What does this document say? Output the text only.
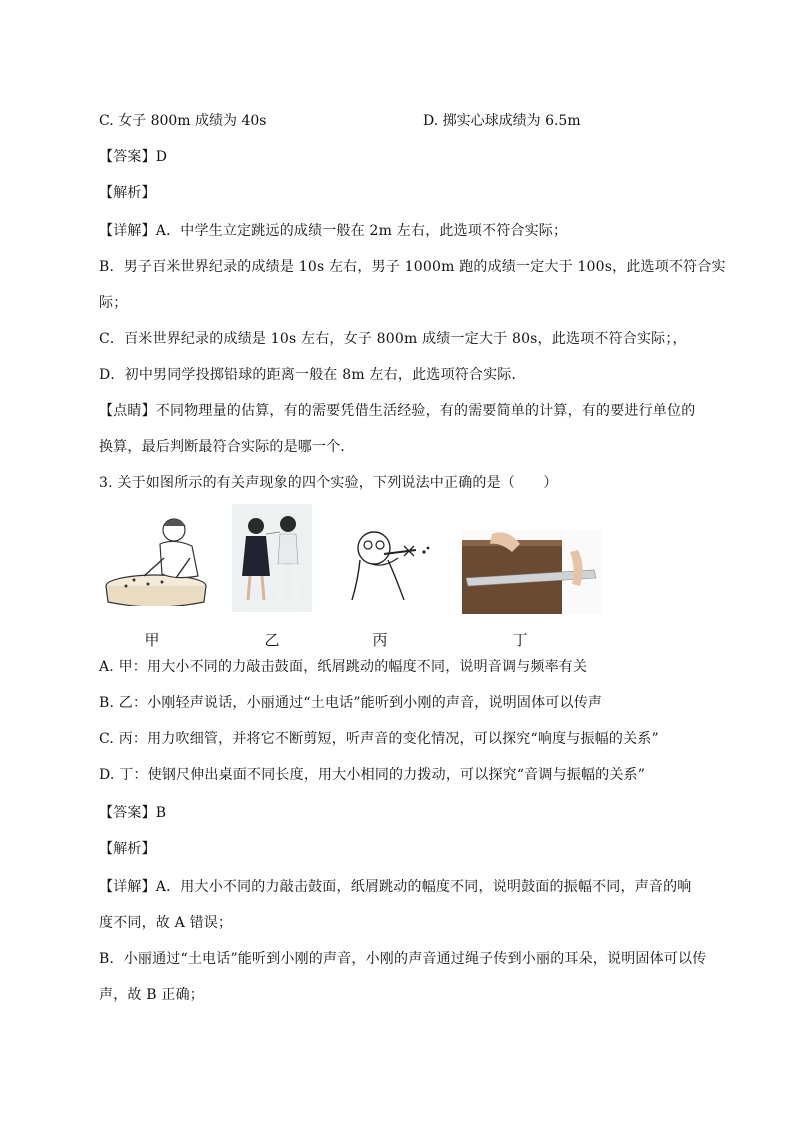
C. 女子 800m 成绩为 40s	D. 掷实心球成绩为 6.5m
【答案】D
【解析】
【详解】A．中学生立定跳远的成绩一般在 2m 左右，此选项不符合实际；
B．男子百米世界纪录的成绩是 10s 左右，男子 1000m 跑的成绩一定大于 100s，此选项不符合实
际；
C．百米世界纪录的成绩是 10s 左右，女子 800m 成绩一定大于 80s，此选项不符合实际；，
D．初中男同学投掷铅球的距离一般在 8m 左右，此选项符合实际．
【点睛】不同物理量的估算，有的需要凭借生活经验，有的需要简单的计算，有的要进行单位的
换算，最后判断最符合实际的是哪一个．
3. 关于如图所示的有关声现象的四个实验，下列说法中正确的是（　　）
甲	乙	丙	丁
A. 甲：用大小不同的力敲击鼓面，纸屑跳动的幅度不同，说明音调与频率有关
B. 乙：小刚轻声说话，小丽通过“土电话”能听到小刚的声音，说明固体可以传声
C. 丙：用力吹细管，并将它不断剪短，听声音的变化情况，可以探究“响度与振幅的关系”
D. 丁：使钢尺伸出桌面不同长度，用大小相同的力拨动，可以探究“音调与振幅的关系”
【答案】B
【解析】
【详解】A．用大小不同的力敲击鼓面，纸屑跳动的幅度不同，说明鼓面的振幅不同，声音的响
度不同，故 A 错误；
B．小丽通过“土电话”能听到小刚的声音，小刚的声音通过绳子传到小丽的耳朵，说明固体可以传
声，故 B 正确；
